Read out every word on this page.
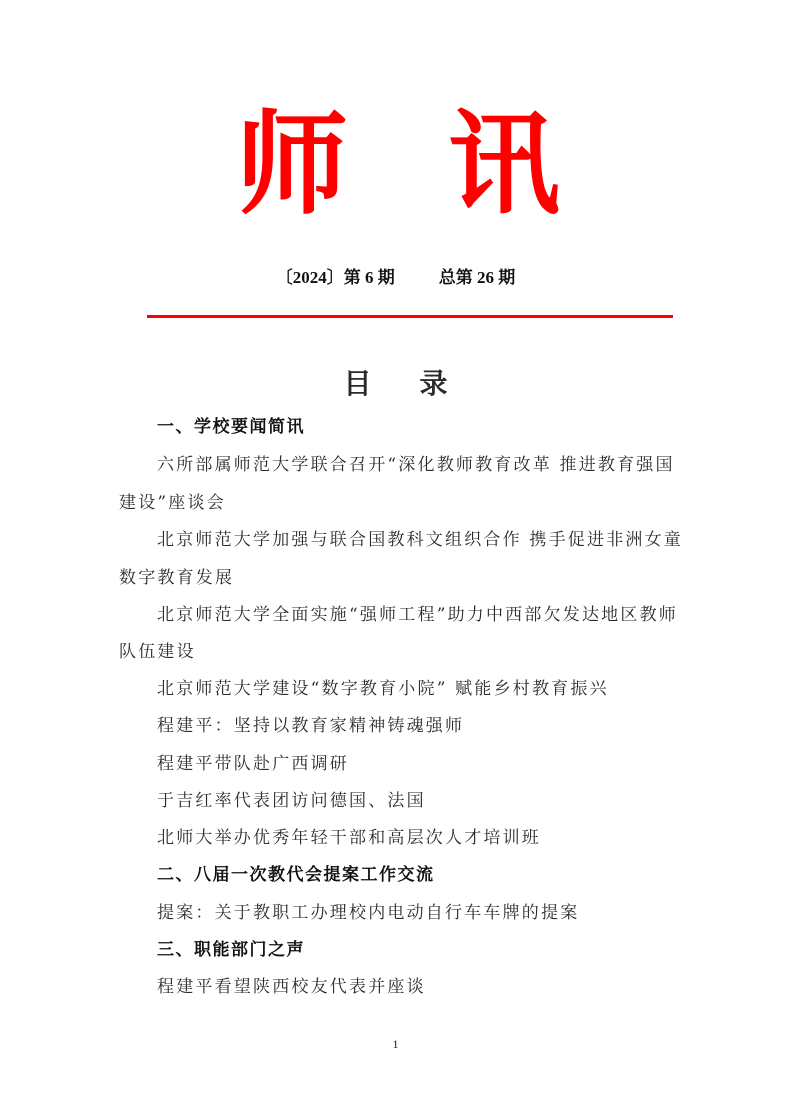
师 讯
〔2024〕第 6 期	总第 26 期
目 录
一、学校要闻简讯
六所部属师范大学联合召开“深化教师教育改革 推进教育强国
建设”座谈会
北京师范大学加强与联合国教科文组织合作 携手促进非洲女童
数字教育发展
北京师范大学全面实施“强师工程”助力中西部欠发达地区教师
队伍建设
北京师范大学建设“数字教育小院” 赋能乡村教育振兴
程建平：坚持以教育家精神铸魂强师
程建平带队赴广西调研
于吉红率代表团访问德国、法国
北师大举办优秀年轻干部和高层次人才培训班
二、八届一次教代会提案工作交流
提案：关于教职工办理校内电动自行车车牌的提案
三、职能部门之声
程建平看望陕西校友代表并座谈
1
